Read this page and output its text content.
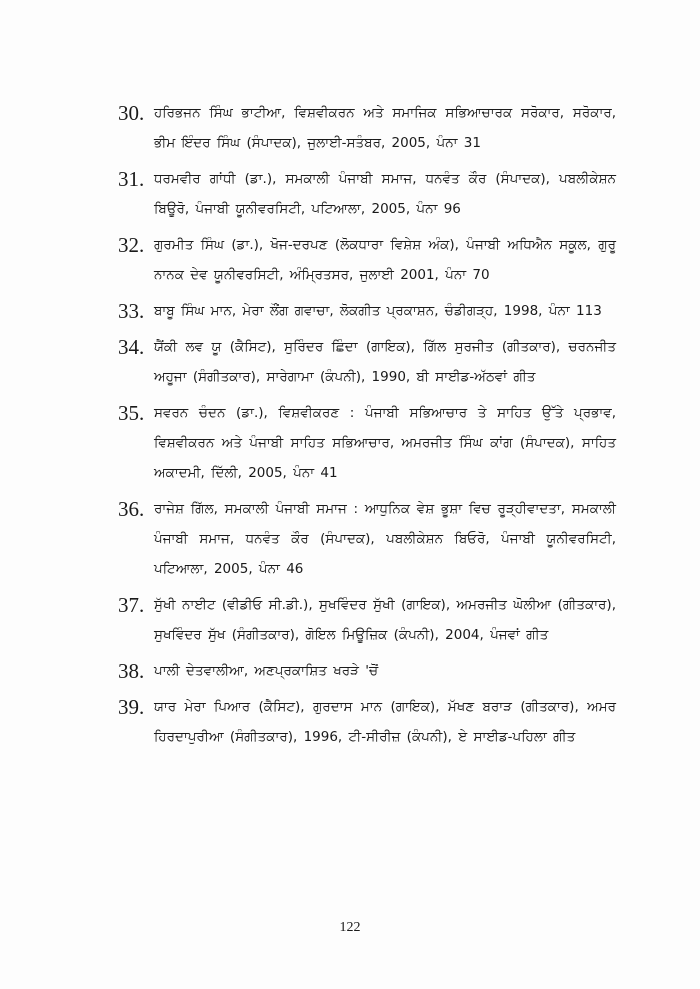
30. ਹਰਿਭਜਨ ਸਿੰਘ ਭਾਟੀਆ, ਵਿਸ਼ਵੀਕਰਨ ਅਤੇ ਸਮਾਜਿਕ ਸਭਿਆਚਾਰਕ ਸਰੋਕਾਰ, ਸਰੋਕਾਰ, ਭੀਮ ਇੰਦਰ ਸਿੰਘ (ਸੰਪਾਦਕ), ਜੁਲਾਈ-ਸਤੰਬਰ, 2005, ਪੰਨਾ 31
31. ਧਰਮਵੀਰ ਗਾਂਧੀ (ਡਾ.), ਸਮਕਾਲੀ ਪੰਜਾਬੀ ਸਮਾਜ, ਧਨਵੰਤ ਕੌਰ (ਸੰਪਾਦਕ), ਪਬਲੀਕੇਸ਼ਨ ਬਿਊਰੋ, ਪੰਜਾਬੀ ਯੂਨੀਵਰਸਿਟੀ, ਪਟਿਆਲਾ, 2005, ਪੰਨਾ 96
32. ਗੁਰਮੀਤ ਸਿੰਘ (ਡਾ.), ਖੋਜ-ਦਰਪਣ (ਲੋਕਧਾਰਾ ਵਿਸ਼ੇਸ਼ ਅੰਕ), ਪੰਜਾਬੀ ਅਧਿਐਨ ਸਕੂਲ, ਗੁਰੂ ਨਾਨਕ ਦੇਵ ਯੂਨੀਵਰਸਿਟੀ, ਅੰਮ੍ਰਿਤਸਰ, ਜੁਲਾਈ 2001, ਪੰਨਾ 70
33. ਬਾਬੂ ਸਿੰਘ ਮਾਨ, ਮੇਰਾ ਲੌਂਗ ਗਵਾਚਾ, ਲੋਕਗੀਤ ਪ੍ਰਕਾਸ਼ਨ, ਚੰਡੀਗੜ੍ਹ, 1998, ਪੰਨਾ 113
34. ਯੈਂਕੀ ਲਵ ਯੂ (ਕੈਸਿਟ), ਸੁਰਿੰਦਰ ਛਿੰਦਾ (ਗਾਇਕ), ਗਿੱਲ ਸੁਰਜੀਤ (ਗੀਤਕਾਰ), ਚਰਨਜੀਤ ਅਹੂਜਾ (ਸੰਗੀਤਕਾਰ), ਸਾਰੇਗਾਮਾ (ਕੰਪਨੀ), 1990, ਬੀ ਸਾਈਡ-ਅੱਠਵਾਂ ਗੀਤ
35. ਸਵਰਨ ਚੰਦਨ (ਡਾ.), ਵਿਸ਼ਵੀਕਰਣ : ਪੰਜਾਬੀ ਸਭਿਆਚਾਰ ਤੇ ਸਾਹਿਤ ਉੱਤੇ ਪ੍ਰਭਾਵ, ਵਿਸ਼ਵੀਕਰਨ ਅਤੇ ਪੰਜਾਬੀ ਸਾਹਿਤ ਸਭਿਆਚਾਰ, ਅਮਰਜੀਤ ਸਿੰਘ ਕਾਂਗ (ਸੰਪਾਦਕ), ਸਾਹਿਤ ਅਕਾਦਮੀ, ਦਿੱਲੀ, 2005, ਪੰਨਾ 41
36. ਰਾਜੇਸ਼ ਗਿੱਲ, ਸਮਕਾਲੀ ਪੰਜਾਬੀ ਸਮਾਜ : ਆਧੁਨਿਕ ਵੇਸ਼ ਭੂਸ਼ਾ ਵਿਚ ਰੂੜ੍ਹੀਵਾਦਤਾ, ਸਮਕਾਲੀ ਪੰਜਾਬੀ ਸਮਾਜ, ਧਨਵੰਤ ਕੌਰ (ਸੰਪਾਦਕ), ਪਬਲੀਕੇਸ਼ਨ ਬਿਓਰੋ, ਪੰਜਾਬੀ ਯੂਨੀਵਰਸਿਟੀ, ਪਟਿਆਲਾ, 2005, ਪੰਨਾ 46
37. ਸੁੱਖੀ ਨਾਈਟ (ਵੀਡੀਓ ਸੀ.ਡੀ.), ਸੁਖਵਿੰਦਰ ਸੁੱਖੀ (ਗਾਇਕ), ਅਮਰਜੀਤ ਘੋਲੀਆ (ਗੀਤਕਾਰ), ਸੁਖਵਿੰਦਰ ਸੁੱਖ (ਸੰਗੀਤਕਾਰ), ਗੋਇਲ ਮਿਊਜ਼ਿਕ (ਕੰਪਨੀ), 2004, ਪੰਜਵਾਂ ਗੀਤ
38. ਪਾਲੀ ਦੇਤਵਾਲੀਆ, ਅਣਪ੍ਰਕਾਸ਼ਿਤ ਖਰੜੇ 'ਚੋਂ
39. ਯਾਰ ਮੇਰਾ ਪਿਆਰ (ਕੈਸਿਟ), ਗੁਰਦਾਸ ਮਾਨ (ਗਾਇਕ), ਮੱਖਣ ਬਰਾੜ (ਗੀਤਕਾਰ), ਅਮਰ ਹਿਰਦਾਪੁਰੀਆ (ਸੰਗੀਤਕਾਰ), 1996, ਟੀ-ਸੀਰੀਜ਼ (ਕੰਪਨੀ), ਏ ਸਾਈਡ-ਪਹਿਲਾ ਗੀਤ
122
